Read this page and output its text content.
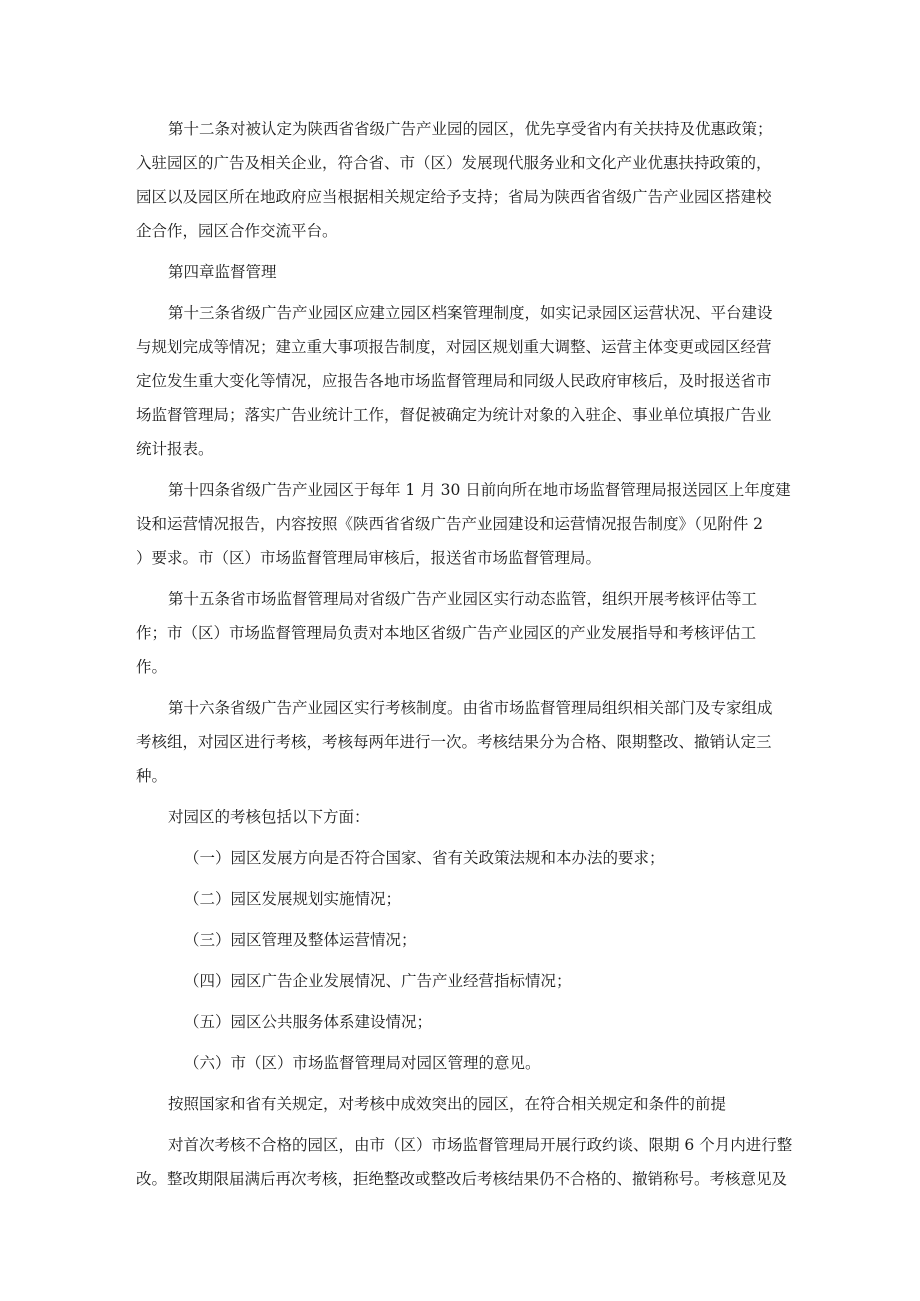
第十二条对被认定为陕西省省级广告产业园的园区，优先享受省内有关扶持及优惠政策；
入驻园区的广告及相关企业，符合省、市（区）发展现代服务业和文化产业优惠扶持政策的，
园区以及园区所在地政府应当根据相关规定给予支持；省局为陕西省省级广告产业园区搭建校
企合作，园区合作交流平台。
第四章监督管理
第十三条省级广告产业园区应建立园区档案管理制度，如实记录园区运营状况、平台建设
与规划完成等情况；建立重大事项报告制度，对园区规划重大调整、运营主体变更或园区经营
定位发生重大变化等情况，应报告各地市场监督管理局和同级人民政府审核后，及时报送省市
场监督管理局；落实广告业统计工作，督促被确定为统计对象的入驻企、事业单位填报广告业
统计报表。
第十四条省级广告产业园区于每年 1 月 30 日前向所在地市场监督管理局报送园区上年度建
设和运营情况报告，内容按照《陕西省省级广告产业园建设和运营情况报告制度》（见附件 2
）要求。市（区）市场监督管理局审核后，报送省市场监督管理局。
第十五条省市场监督管理局对省级广告产业园区实行动态监管，组织开展考核评估等工
作；市（区）市场监督管理局负责对本地区省级广告产业园区的产业发展指导和考核评估工
作。
第十六条省级广告产业园区实行考核制度。由省市场监督管理局组织相关部门及专家组成
考核组，对园区进行考核，考核每两年进行一次。考核结果分为合格、限期整改、撤销认定三
种。
对园区的考核包括以下方面：
（一）园区发展方向是否符合国家、省有关政策法规和本办法的要求；
（二）园区发展规划实施情况；
（三）园区管理及整体运营情况；
（四）园区广告企业发展情况、广告产业经营指标情况；
（五）园区公共服务体系建设情况；
（六）市（区）市场监督管理局对园区管理的意见。
按照国家和省有关规定，对考核中成效突出的园区，在符合相关规定和条件的前提
对首次考核不合格的园区，由市（区）市场监督管理局开展行政约谈、限期 6 个月内进行整
改。整改期限届满后再次考核，拒绝整改或整改后考核结果仍不合格的、撤销称号。考核意见及
